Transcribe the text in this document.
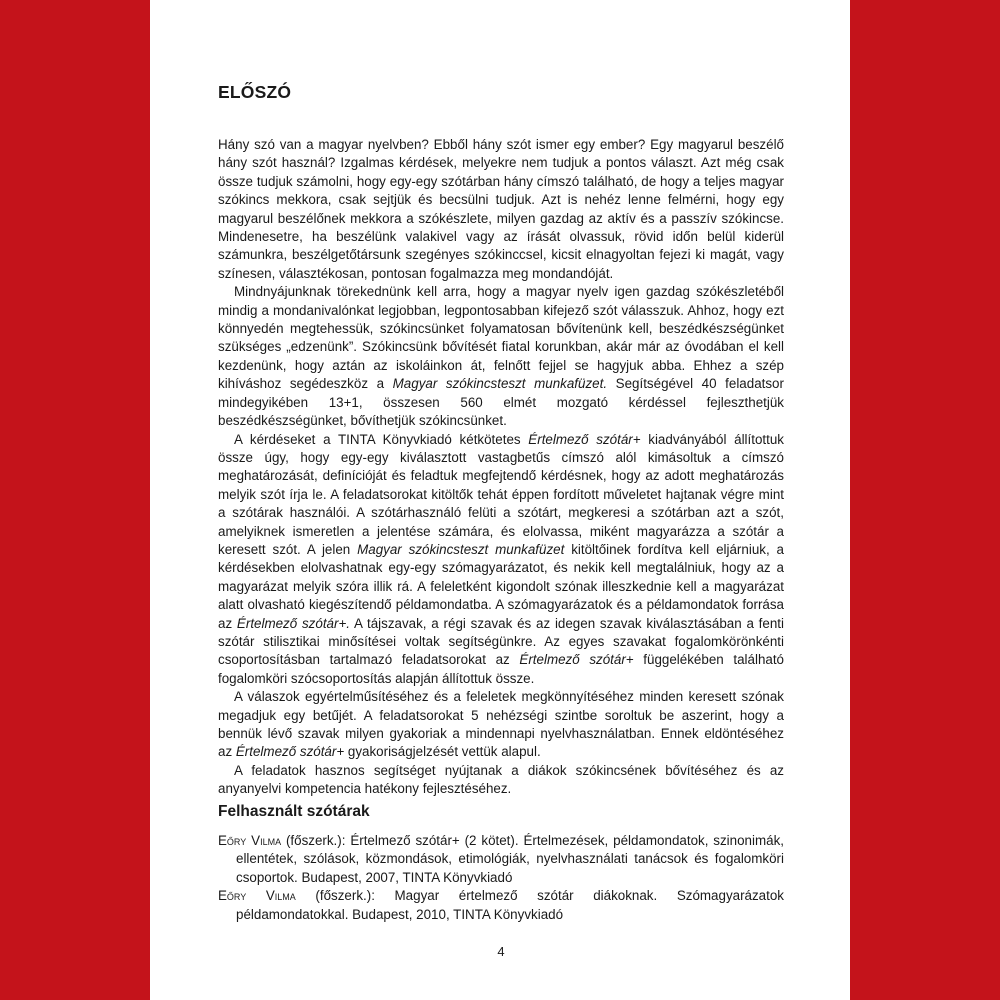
ELŐSZÓ

Hány szó van a magyar nyelvben? Ebből hány szót ismer egy ember? Egy magyarul beszélő hány szót használ? Izgalmas kérdések, melyekre nem tudjuk a pontos választ. Azt még csak össze tudjuk számolni, hogy egy-egy szótárban hány címszó található, de hogy a teljes magyar szókincs mekkora, csak sejtjük és becsülni tudjuk. Azt is nehéz lenne felmérni, hogy egy magyarul beszélőnek mekkora a szókészlete, milyen gazdag az aktív és a passzív szókincse. Mindenesetre, ha beszélünk valakivel vagy az írását olvassuk, rövid időn belül kiderül számunkra, beszélgetőtársunk szegényes szókinccsel, kicsit elnagyoltan fejezi ki magát, vagy színesen, választékosan, pontosan fogalmazza meg mondandóját.

Mindnyájunknak törekednünk kell arra, hogy a magyar nyelv igen gazdag szókészletéből mindig a mondanivalónkat legjobban, legpontosabban kifejező szót válasszuk. Ahhoz, hogy ezt könnyedén megtehessük, szókincsünket folyamatosan bővítenünk kell, beszédkészségünket szükséges „edzenünk”. Szókincsünk bővítését fiatal korunkban, akár már az óvodában el kell kezdenünk, hogy aztán az iskoláinkon át, felnőtt fejjel se hagyjuk abba. Ehhez a szép kihíváshoz segédeszköz a Magyar szókincsteszt munkafüzet. Segítségével 40 feladatsor mindegyikében 13+1, összesen 560 elmét mozgató kérdéssel fejleszthetjük beszédkészségünket, bővíthetjük szókincsünket.

A kérdéseket a TINTA Könyvkiadó kétkötetes Értelmező szótár+ kiadványából állítottuk össze úgy, hogy egy-egy kiválasztott vastagbetűs címszó alól kimásoltuk a címszó meghatározását, definícióját és feladtuk megfejtendő kérdésnek, hogy az adott meghatározás melyik szót írja le. A feladatsorokat kitöltők tehát éppen fordított műveletet hajtanak végre mint a szótárak használói. A szótárhasználó felüti a szótárt, megkeresi a szótárban azt a szót, amelyiknek ismeretlen a jelentése számára, és elolvassa, miként magyarázza a szótár a keresett szót. A jelen Magyar szókincsteszt munkafüzet kitöltőinek fordítva kell eljárniuk, a kérdésekben elolvashatnak egy-egy szómagyarázatot, és nekik kell megtalálniuk, hogy az a magyarázat melyik szóra illik rá. A feleletként kigondolt szónak illeszkednie kell a magyarázat alatt olvasható kiegészítendő példamondatba. A szómagyarázatok és a példamondatok forrása az Értelmező szótár+. A tájszavak, a régi szavak és az idegen szavak kiválasztásában a fenti szótár stilisztikai minősítései voltak segítségünkre. Az egyes szavakat fogalomkörönkénti csoportosításban tartalmazó feladatsorokat az Értelmező szótár+ függelékében található fogalomköri szócsoportosítás alapján állítottuk össze.

A válaszok egyértelműsítéséhez és a feleletek megkönnyítéséhez minden keresett szónak megadjuk egy betűjét. A feladatsorokat 5 nehézségi szintbe soroltuk be aszerint, hogy a bennük lévő szavak milyen gyakoriak a mindennapi nyelvhasználatban. Ennek eldöntéséhez az Értelmező szótár+ gyakoriságjelzését vettük alapul.

A feladatok hasznos segítséget nyújtanak a diákok szókincsének bővítéséhez és az anyanyelvi kompetencia hatékony fejlesztéséhez.

Felhasznált szótárak

Eőry Vilma (főszerk.): Értelmező szótár+ (2 kötet). Értelmezések, példamondatok, szinonimák, ellentétek, szólások, közmondások, etimológiák, nyelvhasználati tanácsok és fogalomköri csoportok. Budapest, 2007, TINTA Könyvkiadó

Eőry Vilma (főszerk.): Magyar értelmező szótár diákoknak. Szómagyarázatok példamondatokkal. Budapest, 2010, TINTA Könyvkiadó

4
